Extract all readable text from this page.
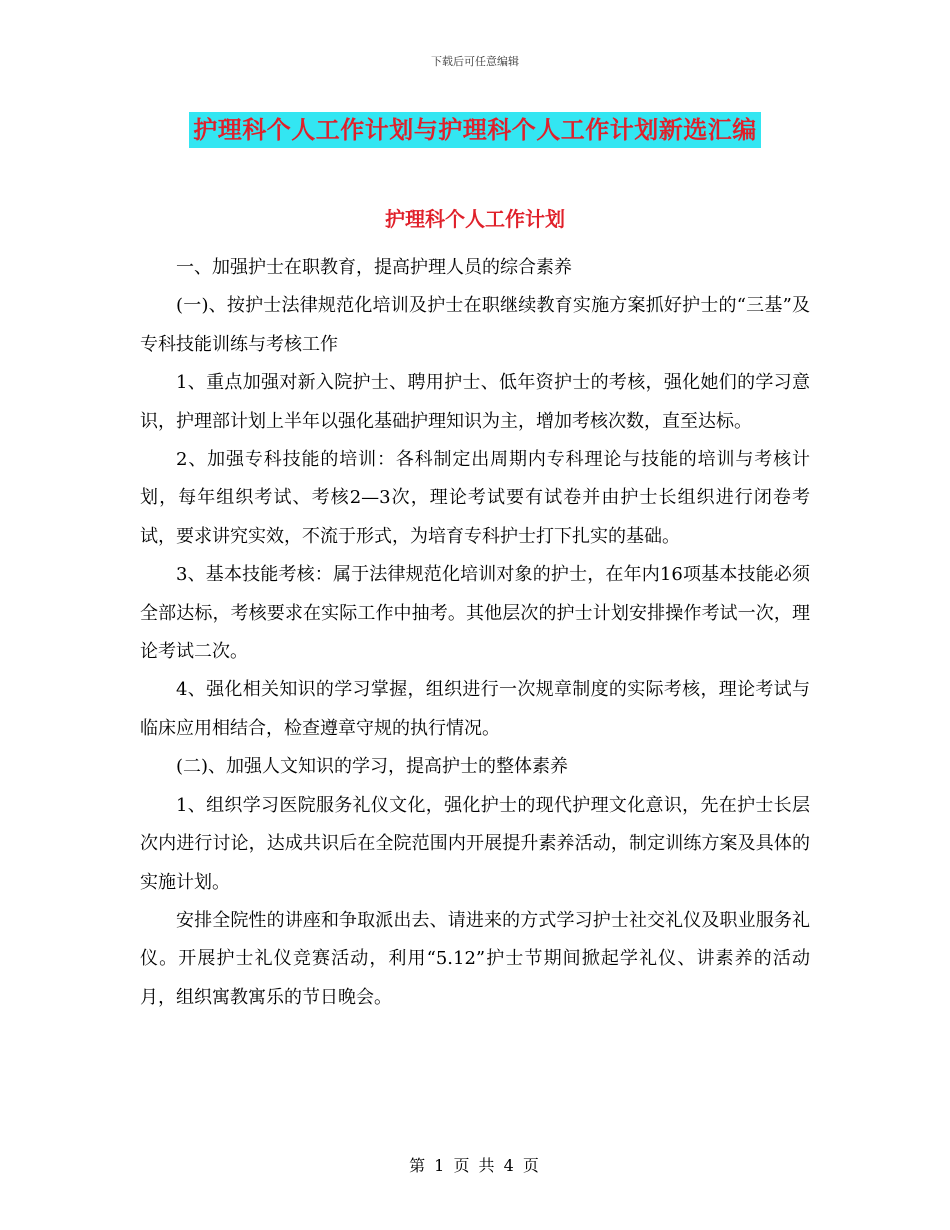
下载后可任意编辑
护理科个人工作计划与护理科个人工作计划新选汇编
护理科个人工作计划

一、加强护士在职教育，提高护理人员的综合素养

(一)、按护士法律规范化培训及护士在职继续教育实施方案抓好护士的“三基”及专科技能训练与考核工作

1、重点加强对新入院护士、聘用护士、低年资护士的考核，强化她们的学习意识，护理部计划上半年以强化基础护理知识为主，增加考核次数，直至达标。

2、加强专科技能的培训：各科制定出周期内专科理论与技能的培训与考核计划，每年组织考试、考核2—3次，理论考试要有试卷并由护士长组织进行闭卷考试，要求讲究实效，不流于形式，为培育专科护士打下扎实的基础。

3、基本技能考核：属于法律规范化培训对象的护士，在年内16项基本技能必须全部达标，考核要求在实际工作中抽考。其他层次的护士计划安排操作考试一次，理论考试二次。

4、强化相关知识的学习掌握，组织进行一次规章制度的实际考核，理论考试与临床应用相结合，检查遵章守规的执行情况。

(二)、加强人文知识的学习，提高护士的整体素养

1、组织学习医院服务礼仪文化，强化护士的现代护理文化意识，先在护士长层次内进行讨论，达成共识后在全院范围内开展提升素养活动，制定训练方案及具体的实施计划。

安排全院性的讲座和争取派出去、请进来的方式学习护士社交礼仪及职业服务礼仪。开展护士礼仪竞赛活动，利用“5.12”护士节期间掀起学礼仪、讲素养的活动月，组织寓教寓乐的节日晚会。

第 1 页 共 4 页
